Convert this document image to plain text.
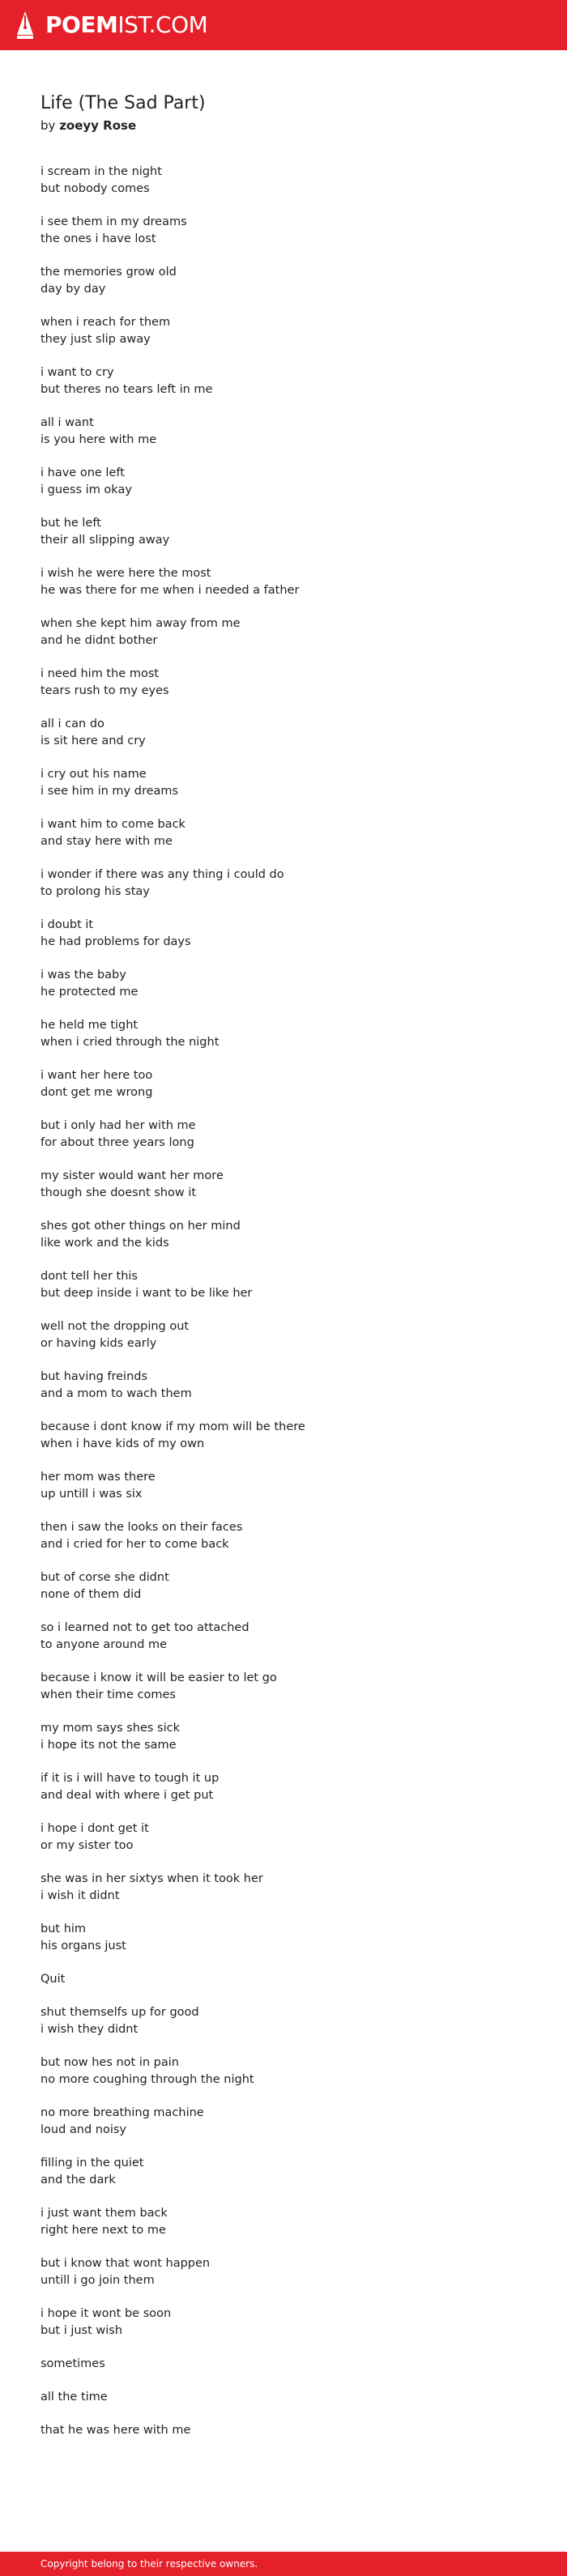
POEMIST.COM
Life (The Sad Part)

by zoeyy Rose

i scream in the night
but nobody comes
i see them in my dreams
the ones i have lost
the memories grow old
day by day
when i reach for them
they just slip away
i want to cry
but theres no tears left in me
all i want
is you here with me
i have one left
i guess im okay
but he left
their all slipping away
i wish he were here the most
he was there for me when i needed a father
when she kept him away from me
and he didnt bother
i need him the most
tears rush to my eyes
all i can do
is sit here and cry
i cry out his name
i see him in my dreams
i want him to come back
and stay here with me
i wonder if there was any thing i could do
to prolong his stay
i doubt it
he had problems for days
i was the baby
he protected me
he held me tight
when i cried through the night
i want her here too
dont get me wrong
but i only had her with me
for about three years long
my sister would want her more
though she doesnt show it
shes got other things on her mind
like work and the kids
dont tell her this
but deep inside i want to be like her
well not the dropping out
or having kids early
but having freinds
and a mom to wach them
because i dont know if my mom will be there
when i have kids of my own
her mom was there
up untill i was six
then i saw the looks on their faces
and i cried for her to come back
but of corse she didnt
none of them did
so i learned not to get too attached
to anyone around me
because i know it will be easier to let go
when their time comes
my mom says shes sick
i hope its not the same
if it is i will have to tough it up
and deal with where i get put
i hope i dont get it
or my sister too
she was in her sixtys when it took her
i wish it didnt
but him
his organs just
Quit
shut themselfs up for good
i wish they didnt
but now hes not in pain
no more coughing through the night
no more breathing machine
loud and noisy
filling in the quiet
and the dark
i just want them back
right here next to me
but i know that wont happen
untill i go join them
i hope it wont be soon
but i just wish
sometimes
all the time
that he was here with me
Copyright belong to their respective owners.
